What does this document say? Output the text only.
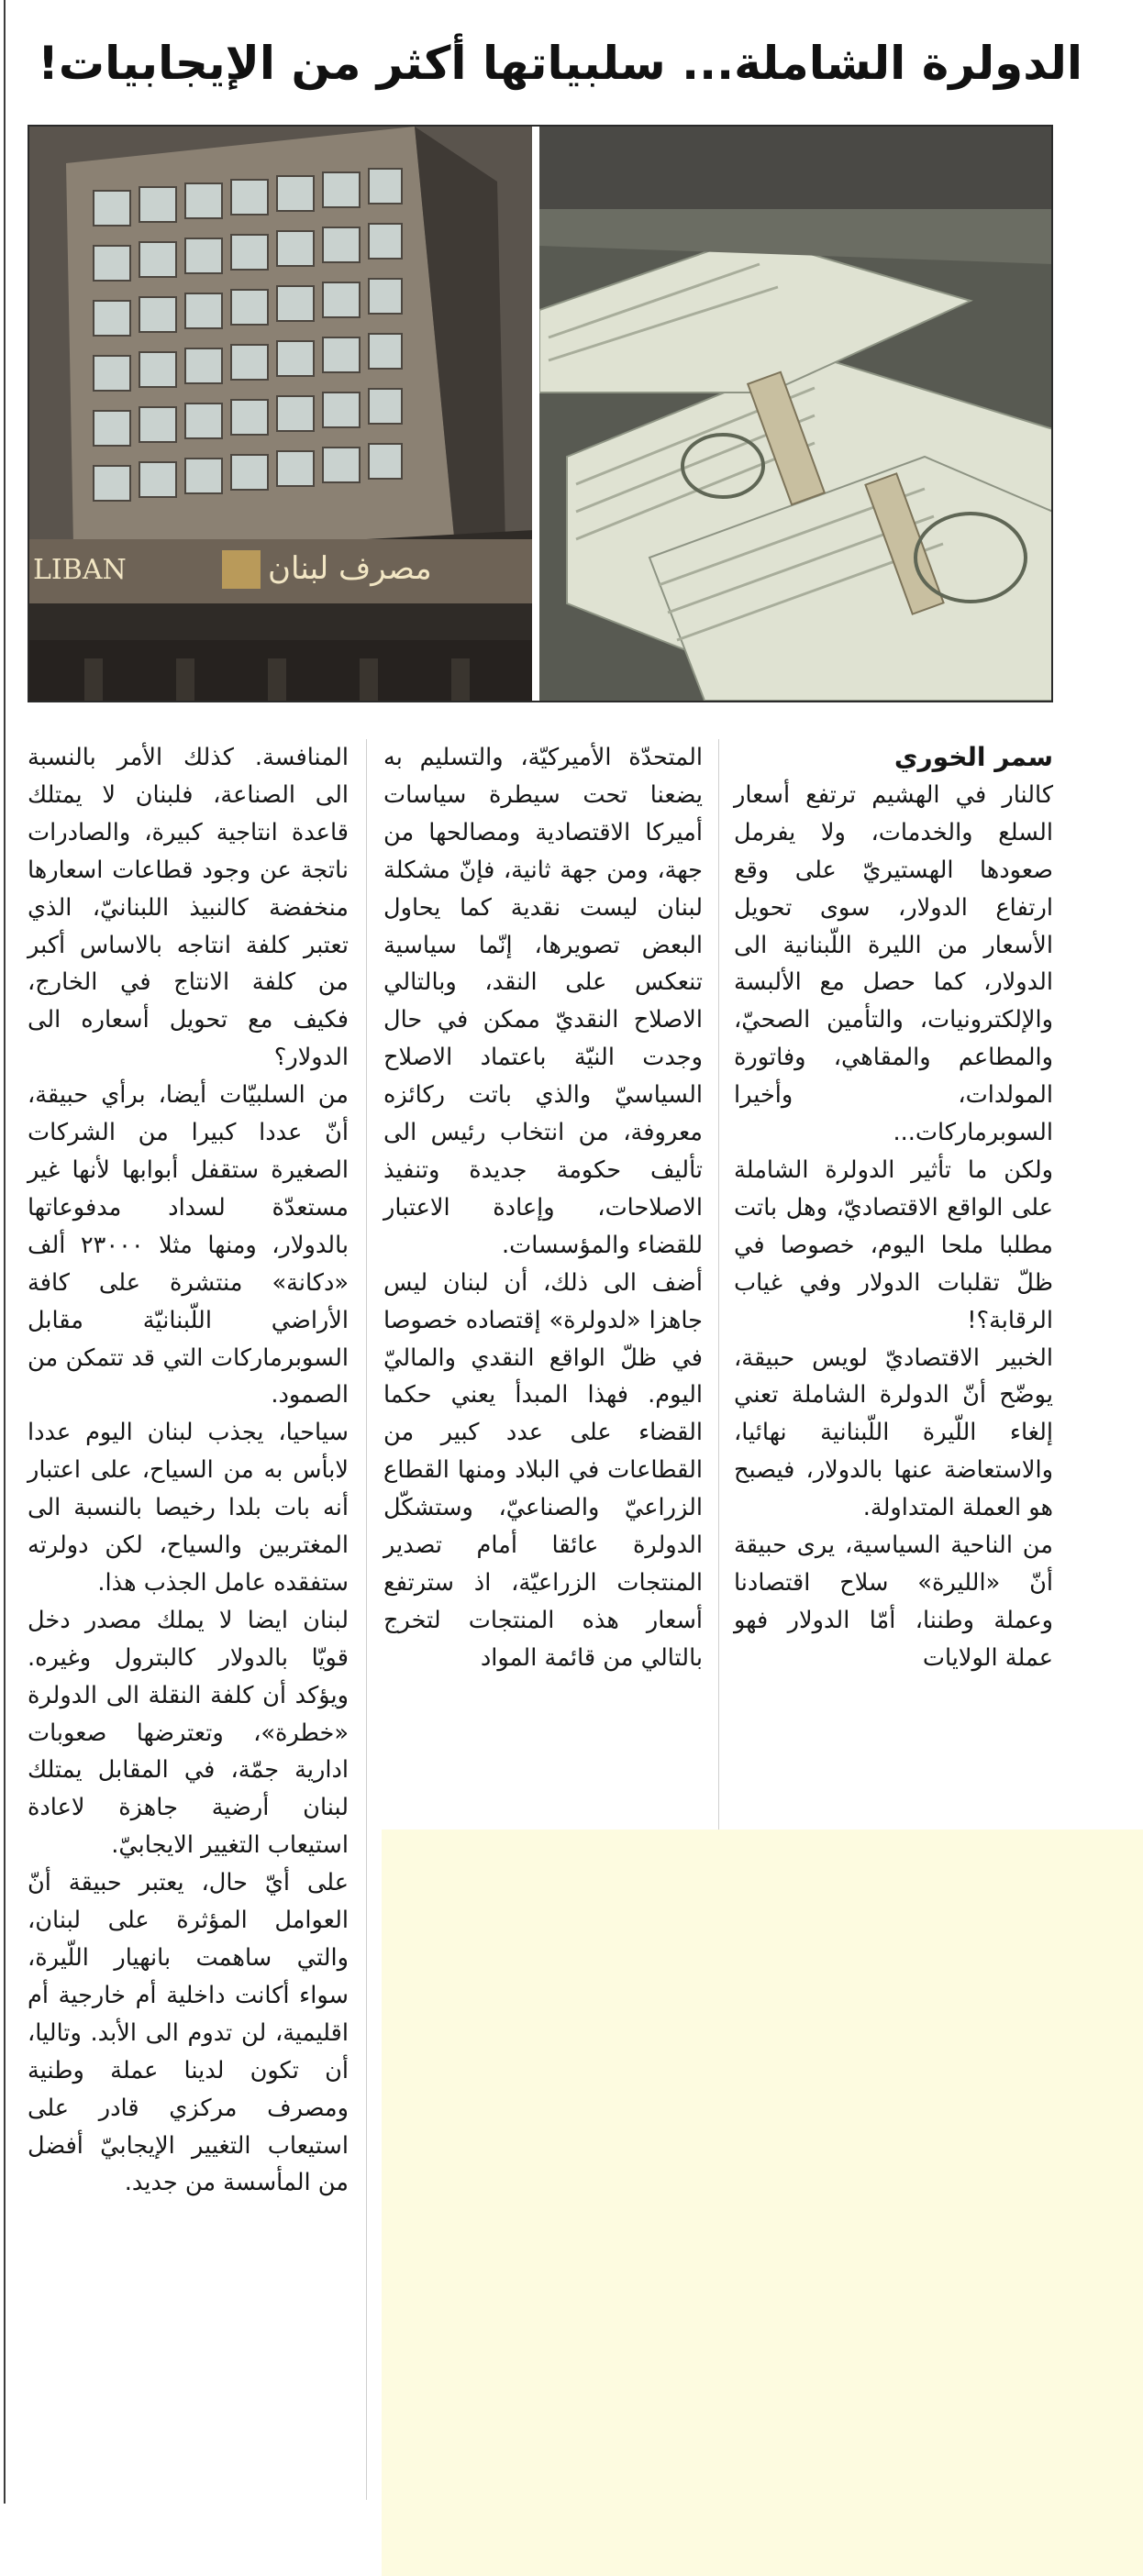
الدولرة الشاملة... سلبياتها أكثر من الإيجابيات!
مصرف لبنان
LIBAN

سمر الخوري

كالنار في الهشيم ترتفع أسعار السلع والخدمات، ولا يفرمل صعودها الهستيريّ على وقع ارتفاع الدولار، سوى تحويل الأسعار من الليرة اللّبنانية الى الدولار، كما حصل مع الألبسة والإلكترونيات، والتأمين الصحيّ، والمطاعم والمقاهي، وفاتورة المولدات، وأخيرا السوبرماركات...

ولكن ما تأثير الدولرة الشاملة على الواقع الاقتصاديّ، وهل باتت مطلبا ملحا اليوم، خصوصا في ظلّ تقلبات الدولار وفي غياب الرقابة؟!

الخبير الاقتصاديّ لويس حبيقة، يوضّح أنّ الدولرة الشاملة تعني إلغاء اللّيرة اللّبنانية نهائيا، والاستعاضة عنها بالدولار، فيصبح هو العملة المتداولة.

من الناحية السياسية، يرى حبيقة أنّ «الليرة» سلاح اقتصادنا وعملة وطننا، أمّا الدولار فهو عملة الولايات

المتحدّة الأميركيّة، والتسليم به يضعنا تحت سيطرة سياسات أميركا الاقتصادية ومصالحها من جهة، ومن جهة ثانية، فإنّ مشكلة لبنان ليست نقدية كما يحاول البعض تصويرها، إنّما سياسية تنعكس على النقد، وبالتالي الاصلاح النقديّ ممكن في حال وجدت النيّة باعتماد الاصلاح السياسيّ والذي باتت ركائزه معروفة، من انتخاب رئيس الى تأليف حكومة جديدة وتنفيذ الاصلاحات، وإعادة الاعتبار للقضاء والمؤسسات.

أضف الى ذلك، أن لبنان ليس جاهزا «لدولرة» إقتصاده خصوصا في ظلّ الواقع النقدي والماليّ اليوم. فهذا المبدأ يعني حكما القضاء على عدد كبير من القطاعات في البلاد ومنها القطاع الزراعيّ والصناعيّ، وستشكّل الدولرة عائقا أمام تصدير المنتجات الزراعيّة، اذ سترتفع أسعار هذه المنتجات لتخرج بالتالي من قائمة المواد

المنافسة. كذلك الأمر بالنسبة الى الصناعة، فلبنان لا يمتلك قاعدة انتاجية كبيرة، والصادرات ناتجة عن وجود قطاعات اسعارها منخفضة كالنبيذ اللبنانيّ، الذي تعتبر كلفة انتاجه بالاساس أكبر من كلفة الانتاج في الخارج، فكيف مع تحويل أسعاره الى الدولار؟

من السلبيّات أيضا، برأي حبيقة، أنّ عددا كبيرا من الشركات الصغيرة ستقفل أبوابها لأنها غير مستعدّة لسداد مدفوعاتها بالدولار، ومنها مثلا ٢٣٠٠٠ ألف «دكانة» منتشرة على كافة الأراضي اللّبنانيّة مقابل السوبرماركات التي قد تتمكن من الصمود.

سياحيا، يجذب لبنان اليوم عددا لابأس به من السياح، على اعتبار أنه بات بلدا رخيصا بالنسبة الى المغتربين والسياح، لكن دولرته ستفقده عامل الجذب هذا.

لبنان ايضا لا يملك مصدر دخل قويّا بالدولار كالبترول وغيره. ويؤكد أن كلفة النقلة الى الدولرة «خطرة»، وتعترضها صعوبات ادارية جمّة، في المقابل يمتلك لبنان أرضية جاهزة لاعادة استيعاب التغيير الايجابيّ.

على أيّ حال، يعتبر حبيقة أنّ العوامل المؤثرة على لبنان، والتي ساهمت بانهيار اللّيرة، سواء أكانت داخلية أم خارجية أم اقليمية، لن تدوم الى الأبد. وتاليا، أن تكون لدينا عملة وطنية ومصرف مركزي قادر على استيعاب التغيير الإيجابيّ أفضل من المأسسة من جديد.
